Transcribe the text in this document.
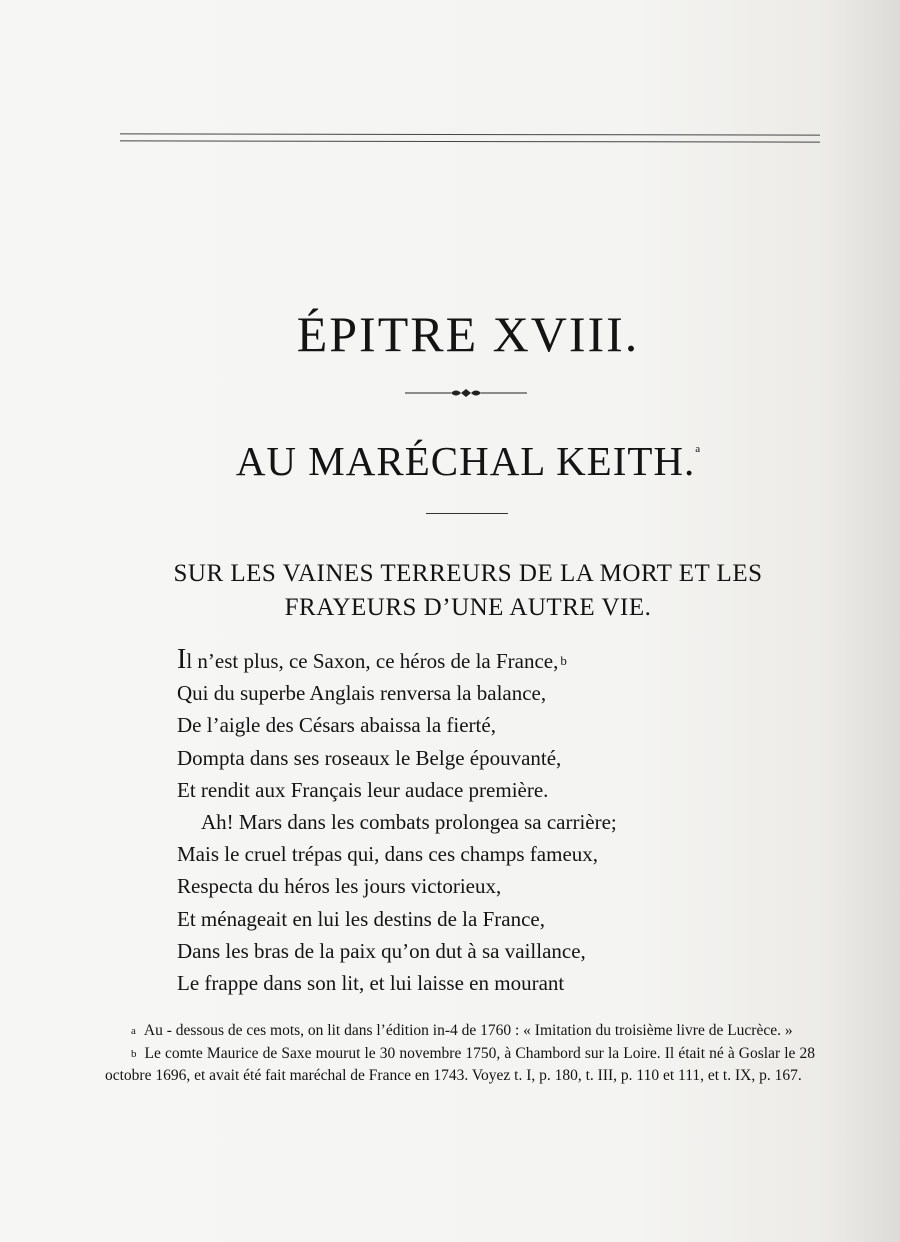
ÉPITRE XVIII.
AU MARÉCHAL KEITH.$^a$
SUR LES VAINES TERREURS DE LA MORT ET LES
FRAYEURS D’UNE AUTRE VIE.
Il n’est plus, ce Saxon, ce héros de la France, $^b$
Qui du superbe Anglais renversa la balance,
De l’aigle des Césars abaissa la fierté,
Dompta dans ses roseaux le Belge épouvanté,
Et rendit aux Français leur audace première.
Ah! Mars dans les combats prolongea sa carrière;
Mais le cruel trépas qui, dans ces champs fameux,
Respecta du héros les jours victorieux,
Et ménageait en lui les destins de la France,
Dans les bras de la paix qu’on dut à sa vaillance,
Le frappe dans son lit, et lui laisse en mourant

$^a$ Au - dessous de ces mots, on lit dans l’édition in-4 de 1760 : « Imitation du troisième livre de Lucrèce. »

$^b$ Le comte Maurice de Saxe mourut le 30 novembre 1750, à Chambord sur la Loire. Il était né à Goslar le 28 octobre 1696, et avait été fait maréchal de France en 1743. Voyez t. I, p. 180, t. III, p. 110 et 111, et t. IX, p. 167.
